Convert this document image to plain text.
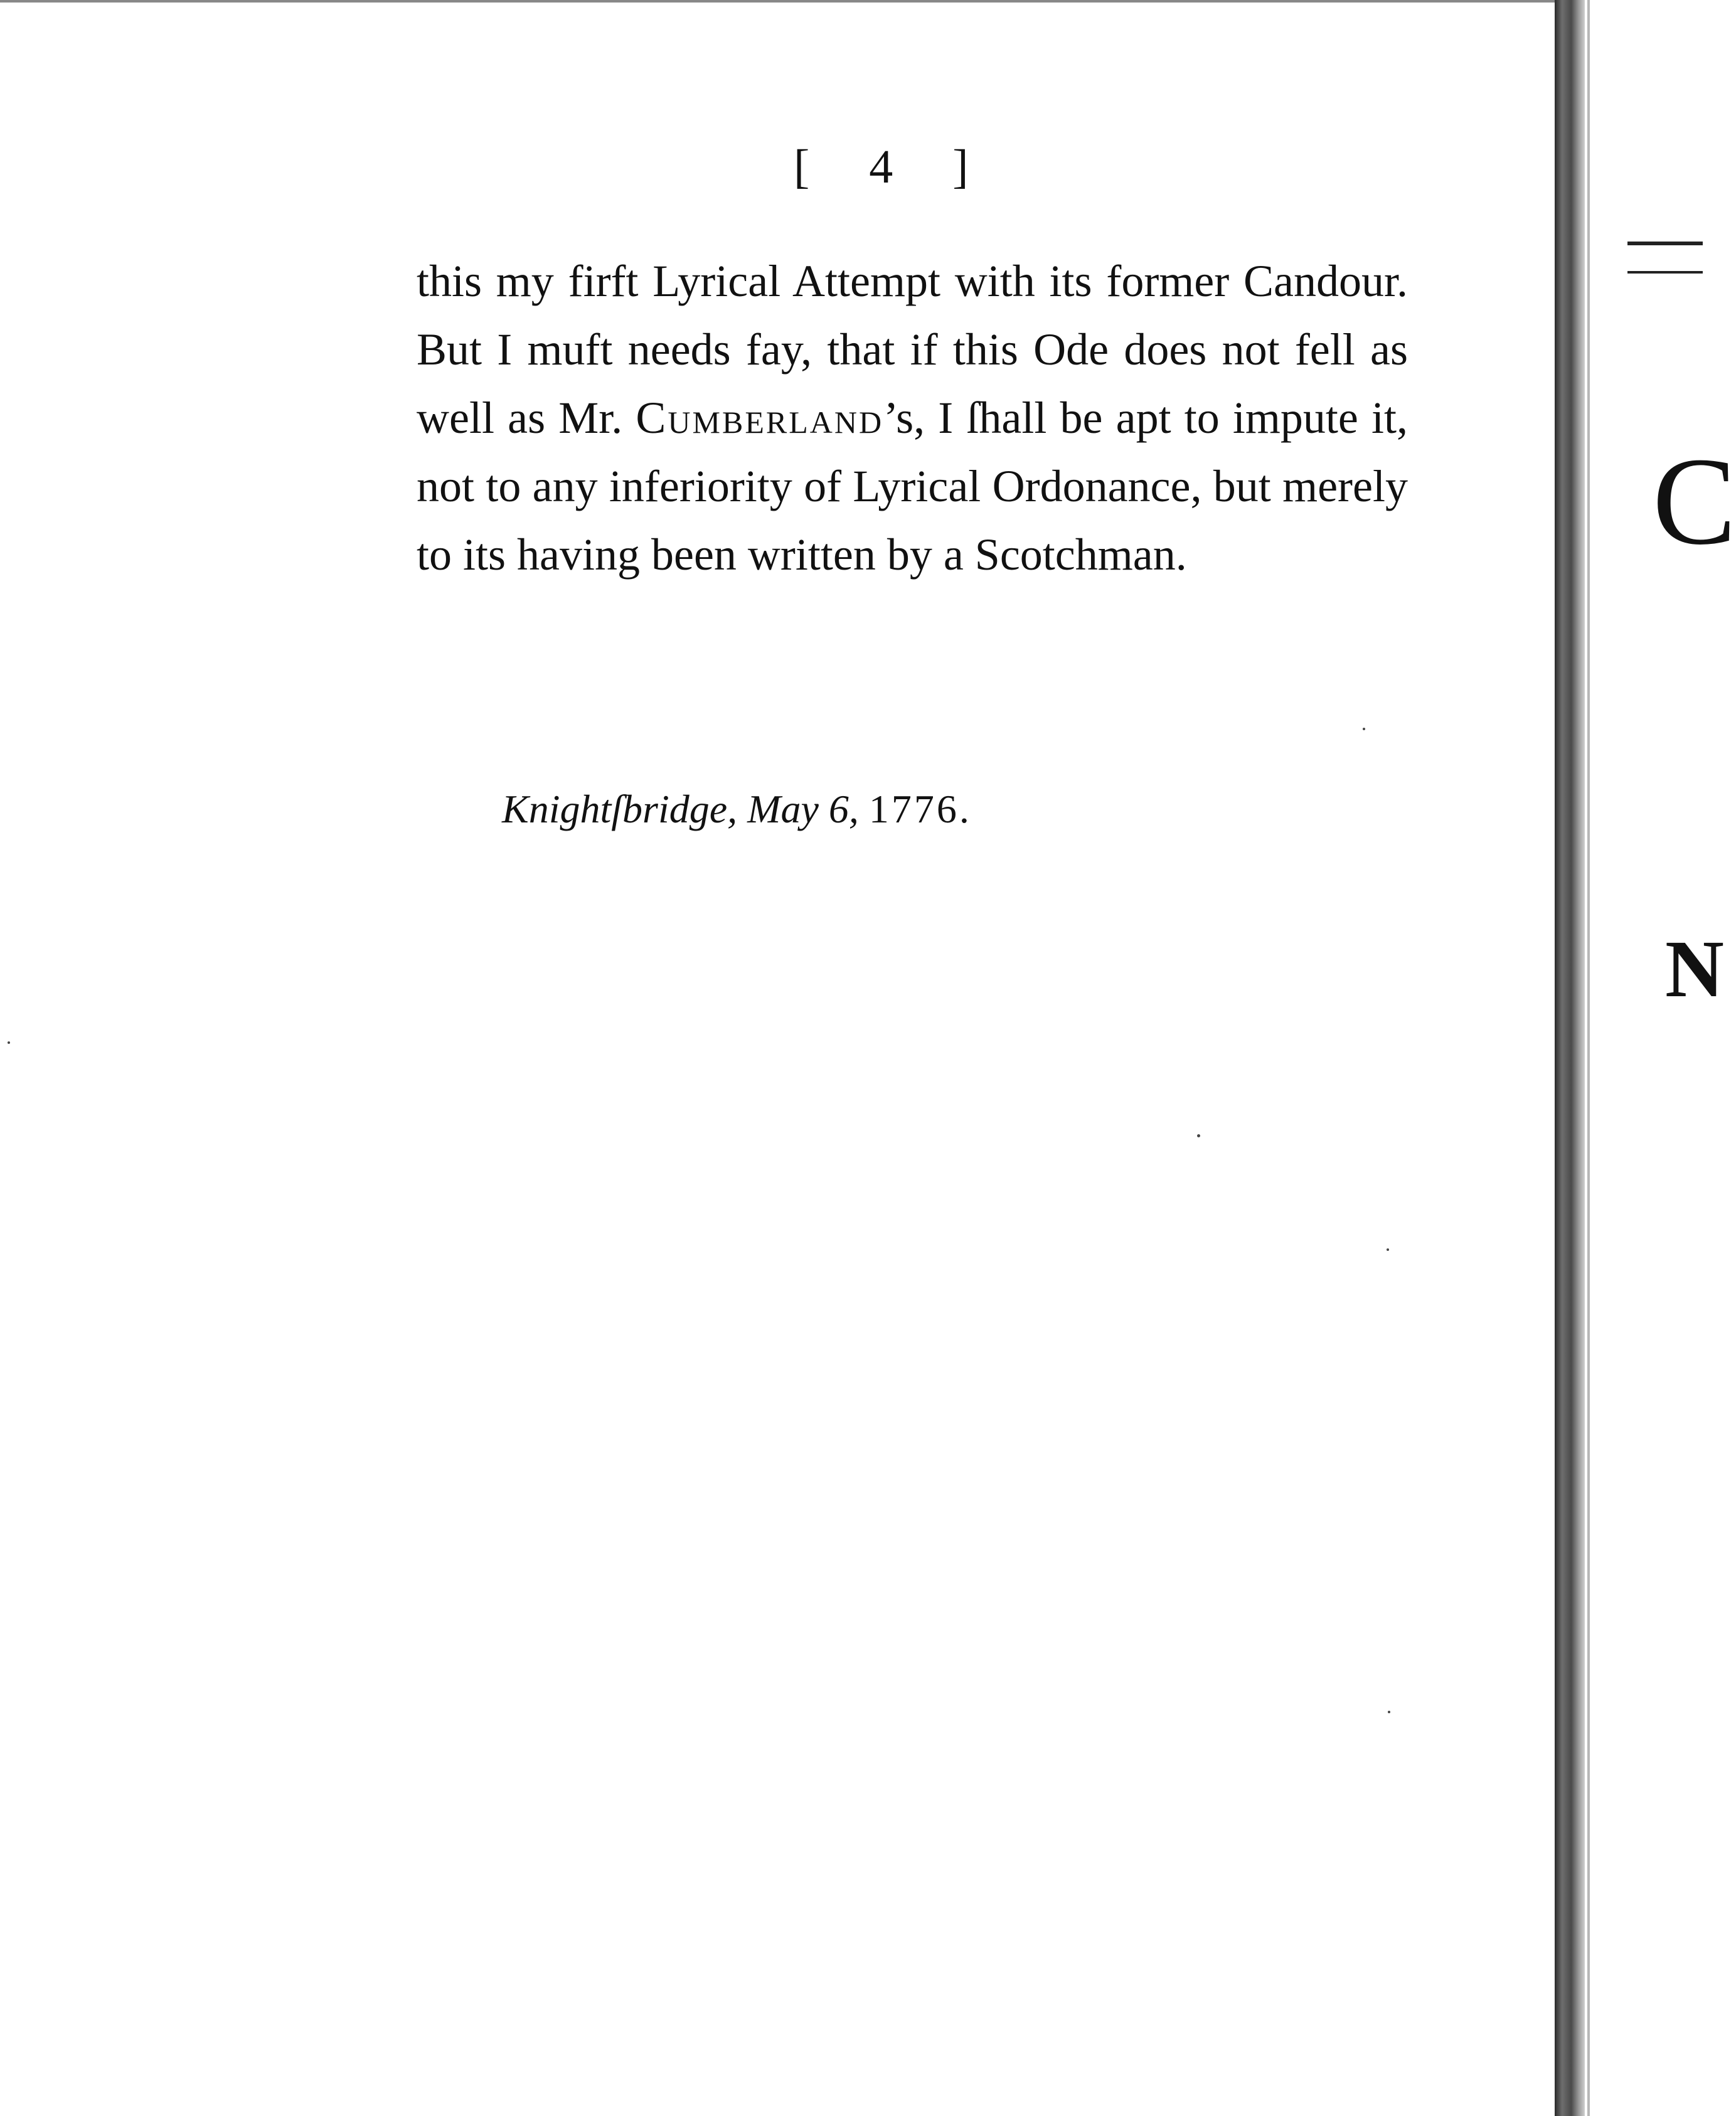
[ 4 ]
this my firft Lyrical Attempt with its former Candour.
But I muft needs fay, that if this Ode does not fell as
well as Mr. Cumberland’s, I ſhall be apt to impute it,
not to any inferiority of Lyrical Ordonance, but merely
to its having been written by a Scotchman.
Knightſbridge, May 6, 1776.
C
N
